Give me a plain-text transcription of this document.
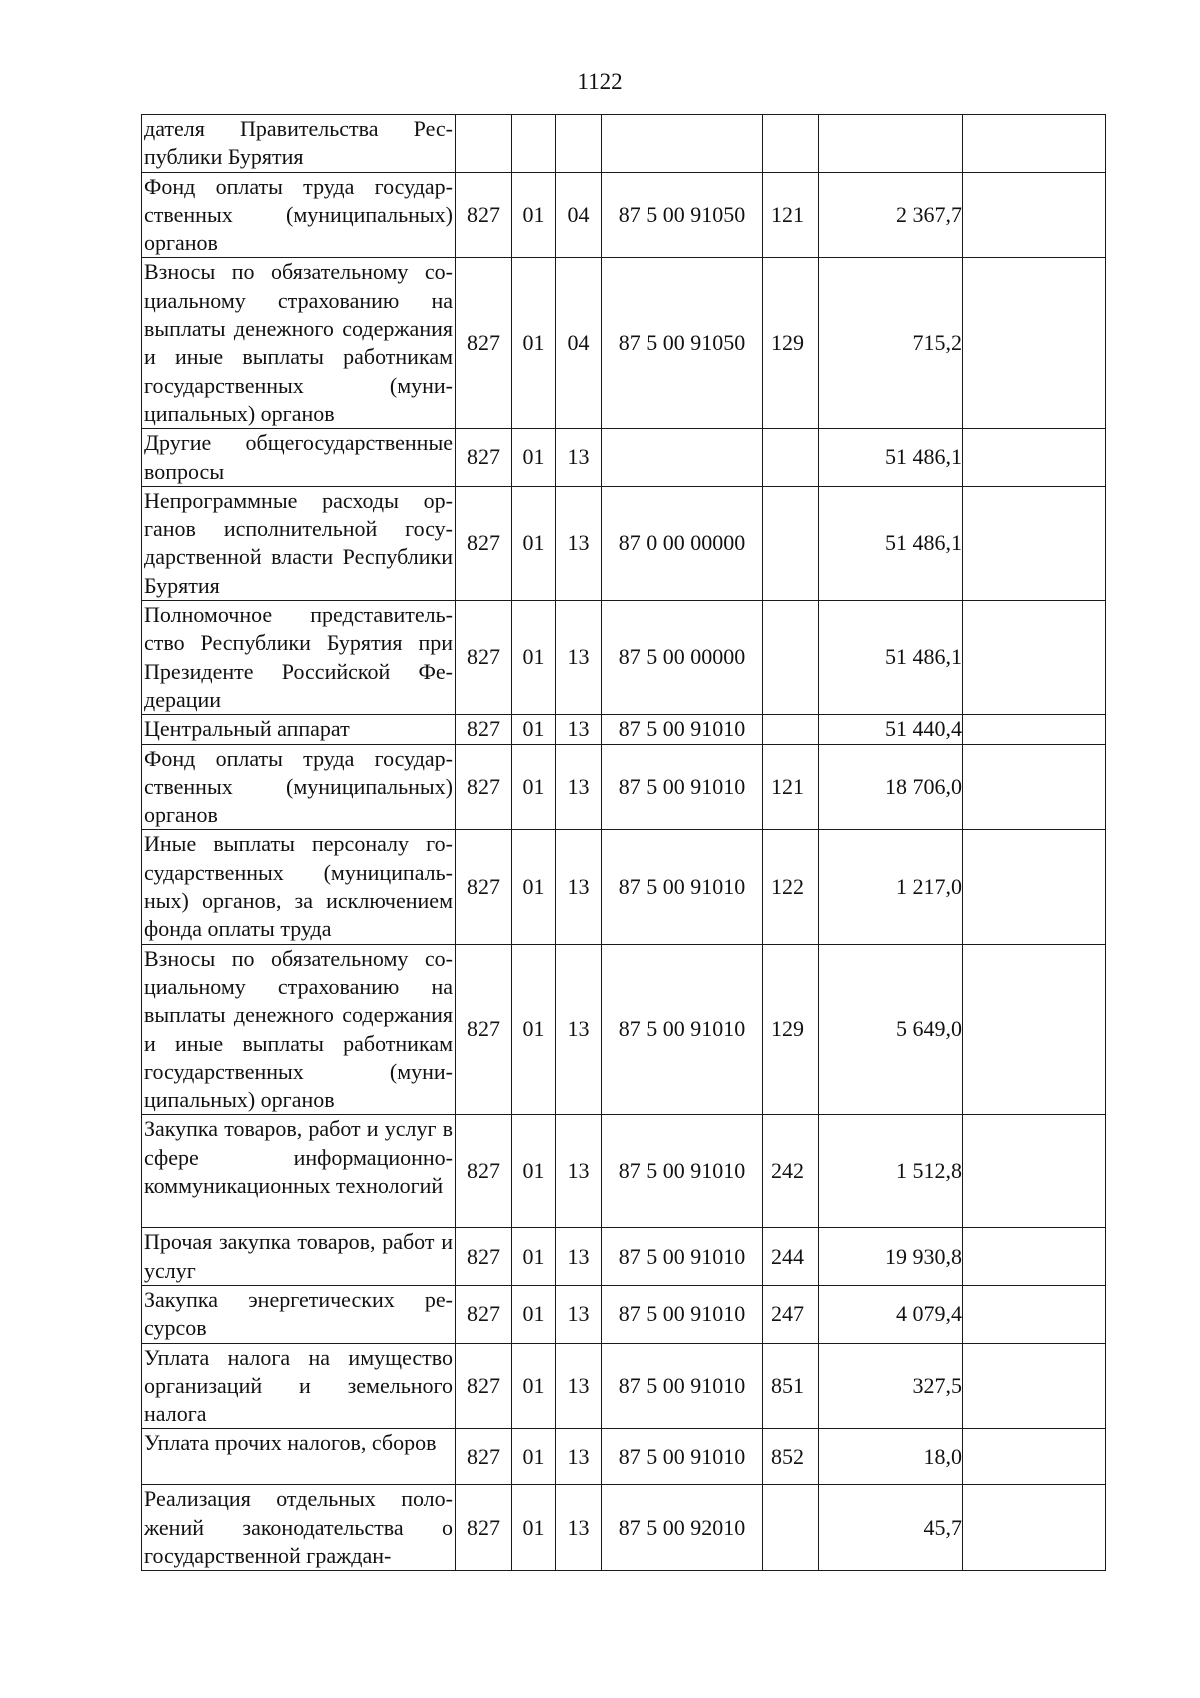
1122
дателя Правительства Республики Бурятия							
Фонд оплаты труда государственных (муниципальных) органов	827	01	04	87 5 00 91050	121	2 367,7	
Взносы по обязательному социальному страхованию на выплаты денежного содержания и иные выплаты работникам государственных (муниципальных) органов	827	01	04	87 5 00 91050	129	715,2	
Другие общегосударственные вопросы	827	01	13			51 486,1	
Непрограммные расходы органов исполнительной государственной власти Республики Бурятия	827	01	13	87 0 00 00000		51 486,1	
Полномочное представительство Республики Бурятия при Президенте Российской Федерации	827	01	13	87 5 00 00000		51 486,1	
Центральный аппарат	827	01	13	87 5 00 91010		51 440,4	
Фонд оплаты труда государственных (муниципальных) органов	827	01	13	87 5 00 91010	121	18 706,0	
Иные выплаты персоналу государственных (муниципальных) органов, за исключением фонда оплаты труда	827	01	13	87 5 00 91010	122	1 217,0	
Взносы по обязательному социальному страхованию на выплаты денежного содержания и иные выплаты работникам государственных (муниципальных) органов	827	01	13	87 5 00 91010	129	5 649,0	
Закупка товаров, работ и услуг в сфере информационно-коммуникационных технологий	827	01	13	87 5 00 91010	242	1 512,8	
Прочая закупка товаров, работ и услуг	827	01	13	87 5 00 91010	244	19 930,8	
Закупка энергетических ресурсов	827	01	13	87 5 00 91010	247	4 079,4	
Уплата налога на имущество организаций и земельного налога	827	01	13	87 5 00 91010	851	327,5	
Уплата прочих налогов, сборов	827	01	13	87 5 00 91010	852	18,0	
Реализация отдельных положений законодательства о государственной граждан-	827	01	13	87 5 00 92010		45,7	
